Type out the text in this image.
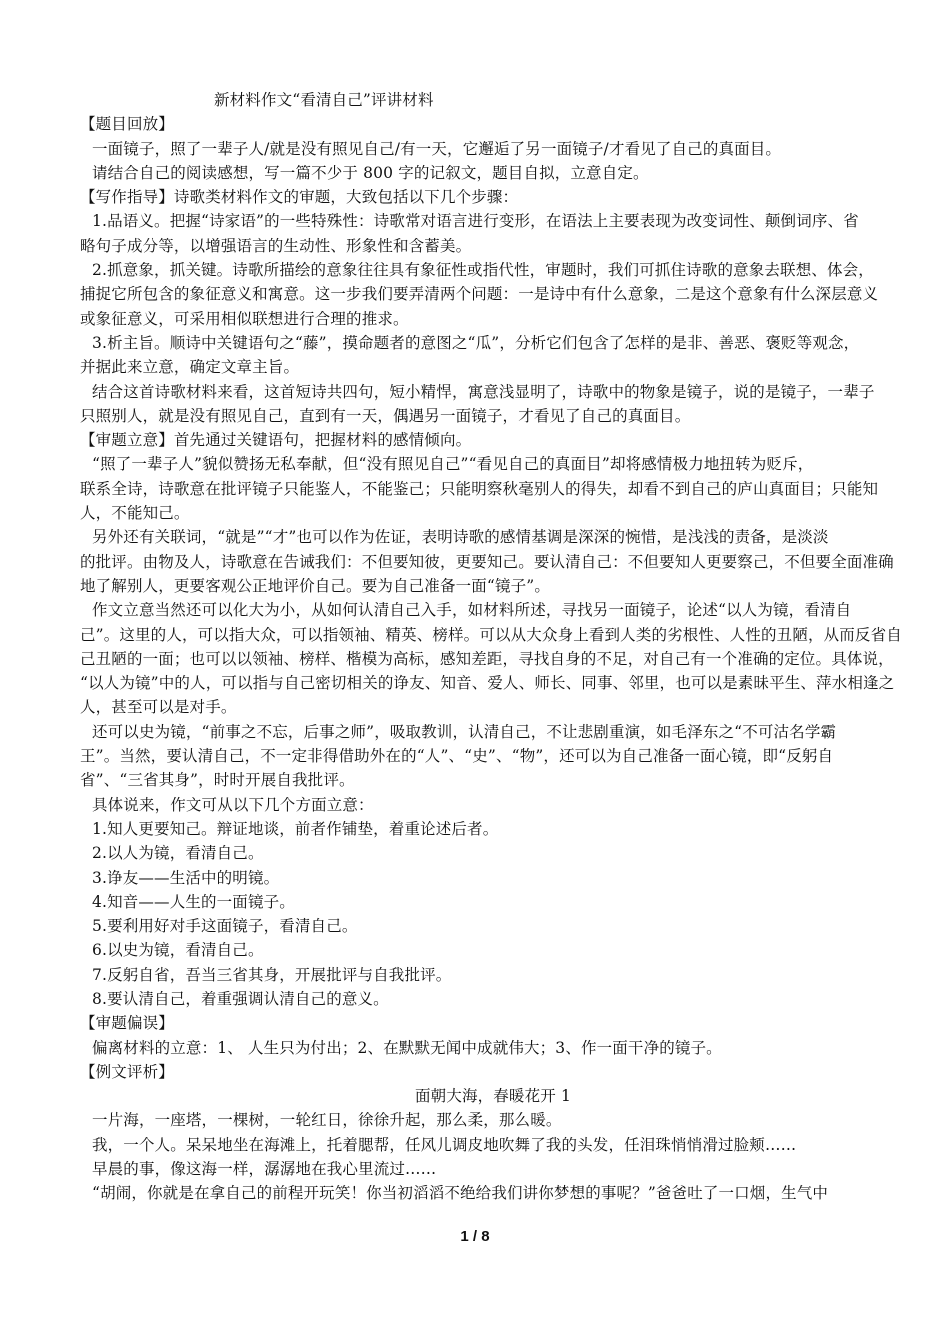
新材料作文“看清自己”评讲材料
【题目回放】
一面镜子，照了一辈子人/就是没有照见自己/有一天，它邂逅了另一面镜子/才看见了自己的真面目。
请结合自己的阅读感想，写一篇不少于 800 字的记叙文，题目自拟，立意自定。
【写作指导】诗歌类材料作文的审题，大致包括以下几个步骤：
1.品语义。把握“诗家语”的一些特殊性：诗歌常对语言进行变形，在语法上主要表现为改变词性、颠倒词序、省
略句子成分等，以增强语言的生动性、形象性和含蓄美。
2.抓意象，抓关键。诗歌所描绘的意象往往具有象征性或指代性，审题时，我们可抓住诗歌的意象去联想、体会，
捕捉它所包含的象征意义和寓意。这一步我们要弄清两个问题：一是诗中有什么意象，二是这个意象有什么深层意义
或象征意义，可采用相似联想进行合理的推求。
3.析主旨。顺诗中关键语句之“藤”，摸命题者的意图之“瓜”，分析它们包含了怎样的是非、善恶、褒贬等观念，
并据此来立意，确定文章主旨。
结合这首诗歌材料来看，这首短诗共四句，短小精悍，寓意浅显明了，诗歌中的物象是镜子，说的是镜子，一辈子
只照别人，就是没有照见自己，直到有一天，偶遇另一面镜子，才看见了自己的真面目。
【审题立意】首先通过关键语句，把握材料的感情倾向。
“照了一辈子人”貌似赞扬无私奉献，但“没有照见自己”“看见自己的真面目”却将感情极力地扭转为贬斥，
联系全诗，诗歌意在批评镜子只能鉴人，不能鉴己；只能明察秋毫别人的得失，却看不到自己的庐山真面目；只能知
人，不能知己。
另外还有关联词，“就是”“才”也可以作为佐证，表明诗歌的感情基调是深深的惋惜，是浅浅的责备，是淡淡
的批评。由物及人，诗歌意在告诫我们：不但要知彼，更要知己。要认清自己：不但要知人更要察己，不但要全面准确
地了解别人，更要客观公正地评价自己。要为自己准备一面“镜子”。
作文立意当然还可以化大为小，从如何认清自己入手，如材料所述，寻找另一面镜子，论述“以人为镜，看清自
己”。这里的人，可以指大众，可以指领袖、精英、榜样。可以从大众身上看到人类的劣根性、人性的丑陋，从而反省自
己丑陋的一面；也可以以领袖、榜样、楷模为高标，感知差距，寻找自身的不足，对自己有一个准确的定位。具体说，
“以人为镜”中的人，可以指与自己密切相关的诤友、知音、爱人、师长、同事、邻里，也可以是素昧平生、萍水相逢之
人，甚至可以是对手。
还可以史为镜，“前事之不忘，后事之师”，吸取教训，认清自己，不让悲剧重演，如毛泽东之“不可沽名学霸
王”。当然，要认清自己，不一定非得借助外在的“人”、“史”、“物”，还可以为自己准备一面心镜，即“反躬自
省”、“三省其身”，时时开展自我批评。
具体说来，作文可从以下几个方面立意：
1.知人更要知己。辩证地谈，前者作铺垫，着重论述后者。
2.以人为镜，看清自己。
3.诤友——生活中的明镜。
4.知音——人生的一面镜子。
5.要利用好对手这面镜子，看清自己。
6.以史为镜，看清自己。
7.反躬自省，吾当三省其身，开展批评与自我批评。
8.要认清自己，着重强调认清自己的意义。
【审题偏误】
偏离材料的立意：1、 人生只为付出；2、在默默无闻中成就伟大；3、作一面干净的镜子。
【例文评析】
面朝大海，春暖花开 1
一片海，一座塔，一棵树，一轮红日，徐徐升起，那么柔，那么暖。
我，一个人。呆呆地坐在海滩上，托着腮帮，任风儿调皮地吹舞了我的头发，任泪珠悄悄滑过脸颊……
早晨的事，像这海一样，潺潺地在我心里流过……
“胡闹，你就是在拿自己的前程开玩笑！你当初滔滔不绝给我们讲你梦想的事呢？”爸爸吐了一口烟，生气中
1 / 8
